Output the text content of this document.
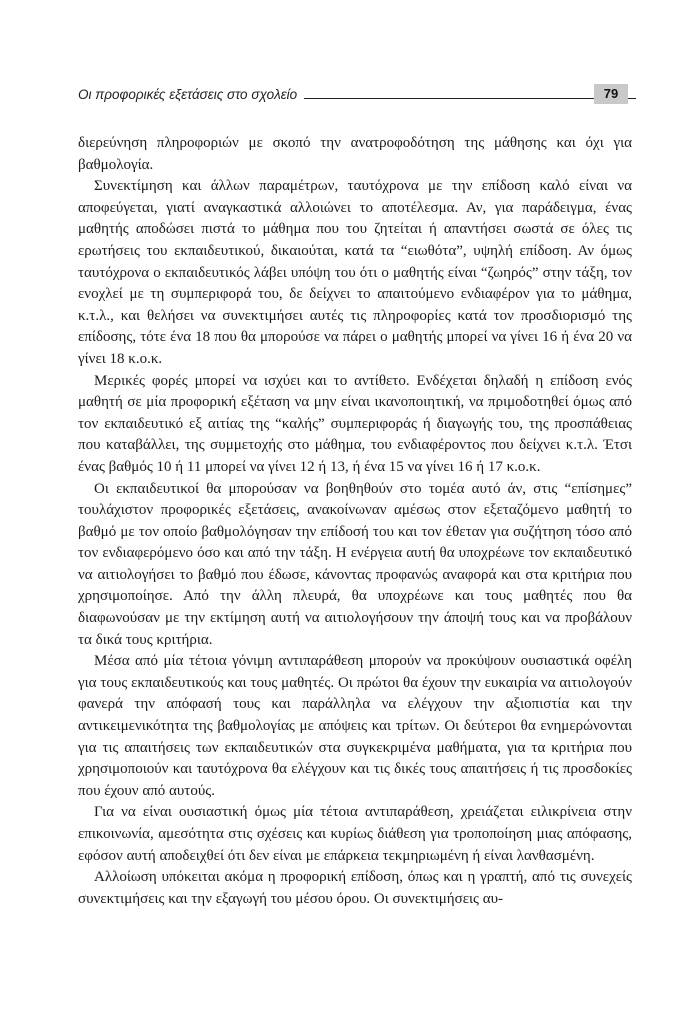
Οι προφορικές εξετάσεις στο σχολείο	79

διερεύνηση πληροφοριών με σκοπό την ανατροφοδότηση της μάθησης και όχι για βαθμολογία.

Συνεκτίμηση και άλλων παραμέτρων, ταυτόχρονα με την επίδοση καλό είναι να αποφεύγεται, γιατί αναγκαστικά αλλοιώνει το αποτέλεσμα. Αν, για παράδειγμα, ένας μαθητής αποδώσει πιστά το μάθημα που του ζητείται ή απαντήσει σωστά σε όλες τις ερωτήσεις του εκπαιδευτικού, δικαιούται, κατά τα “ειωθότα”, υψηλή επίδοση. Αν όμως ταυτόχρονα ο εκπαιδευτικός λάβει υπόψη του ότι ο μαθητής είναι “ζωηρός” στην τάξη, τον ενοχλεί με τη συμπεριφορά του, δε δείχνει το απαιτούμενο ενδιαφέρον για το μάθημα, κ.τ.λ., και θελήσει να συνεκτιμήσει αυτές τις πληροφορίες κατά τον προσδιορισμό της επίδοσης, τότε ένα 18 που θα μπορούσε να πάρει ο μαθητής μπορεί να γίνει 16 ή ένα 20 να γίνει 18 κ.ο.κ.

Μερικές φορές μπορεί να ισχύει και το αντίθετο. Ενδέχεται δηλαδή η επίδοση ενός μαθητή σε μία προφορική εξέταση να μην είναι ικανοποιητική, να πριμοδοτηθεί όμως από τον εκπαιδευτικό εξ αιτίας της “καλής” συμπεριφοράς ή διαγωγής του, της προσπάθειας που καταβάλλει, της συμμετοχής στο μάθημα, του ενδιαφέροντος που δείχνει κ.τ.λ. Έτσι ένας βαθμός 10 ή 11 μπορεί να γίνει 12 ή 13, ή ένα 15 να γίνει 16 ή 17 κ.ο.κ.

Οι εκπαιδευτικοί θα μπορούσαν να βοηθηθούν στο τομέα αυτό άν, στις “επίσημες” τουλάχιστον προφορικές εξετάσεις, ανακοίνωναν αμέσως στον εξεταζόμενο μαθητή το βαθμό με τον οποίο βαθμολόγησαν την επίδοσή του και τον έθεταν για συζήτηση τόσο από τον ενδιαφερόμενο όσο και από την τάξη. Η ενέργεια αυτή θα υποχρέωνε τον εκπαιδευτικό να αιτιολογήσει το βαθμό που έδωσε, κάνοντας προφανώς αναφορά και στα κριτήρια που χρησιμοποίησε. Από την άλλη πλευρά, θα υποχρέωνε και τους μαθητές που θα διαφωνούσαν με την εκτίμηση αυτή να αιτιολογήσουν την άποψή τους και να προβάλουν τα δικά τους κριτήρια.

Μέσα από μία τέτοια γόνιμη αντιπαράθεση μπορούν να προκύψουν ουσιαστικά οφέλη για τους εκπαιδευτικούς και τους μαθητές. Οι πρώτοι θα έχουν την ευκαιρία να αιτιολογούν φανερά την απόφασή τους και παράλληλα να ελέγχουν την αξιοπιστία και την αντικειμενικότητα της βαθμολογίας με απόψεις και τρίτων. Οι δεύτεροι θα ενημερώνονται για τις απαιτήσεις των εκπαιδευτικών στα συγκεκριμένα μαθήματα, για τα κριτήρια που χρησιμοποιούν και ταυτόχρονα θα ελέγχουν και τις δικές τους απαιτήσεις ή τις προσδοκίες που έχουν από αυτούς.

Για να είναι ουσιαστική όμως μία τέτοια αντιπαράθεση, χρειάζεται ειλικρίνεια στην επικοινωνία, αμεσότητα στις σχέσεις και κυρίως διάθεση για τροποποίηση μιας απόφασης, εφόσον αυτή αποδειχθεί ότι δεν είναι με επάρκεια τεκμηριωμένη ή είναι λανθασμένη.

Αλλοίωση υπόκειται ακόμα η προφορική επίδοση, όπως και η γραπτή, από τις συνεχείς συνεκτιμήσεις και την εξαγωγή του μέσου όρου. Οι συνεκτιμήσεις αυ-
